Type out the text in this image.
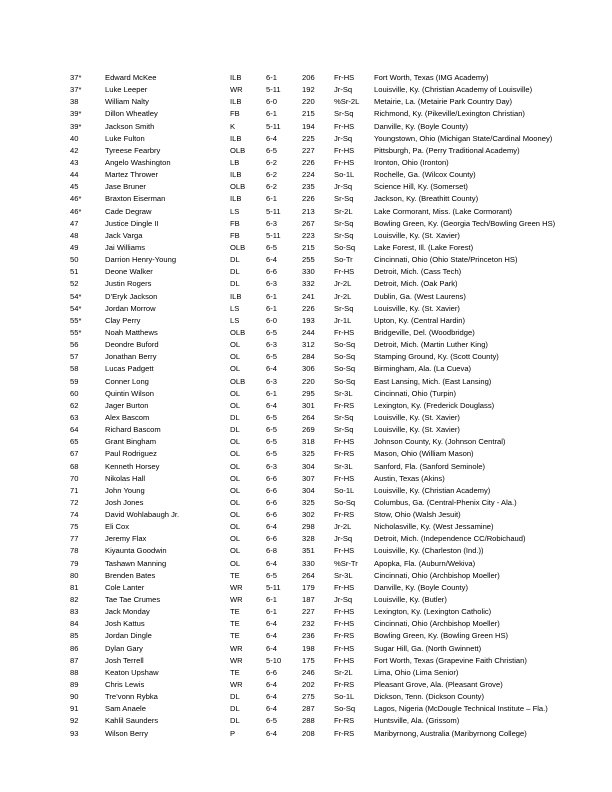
37*	Edward McKee	ILB	6-1	206	Fr-HS	Fort Worth, Texas (IMG Academy)
37*	Luke Leeper	WR	5-11	192	Jr-Sq	Louisville, Ky. (Christian Academy of Louisville)
38	William Nalty	ILB	6-0	220	%Sr-2L Metairie, La. (Metairie Park Country Day)
39*	Dillon Wheatley	FB	6-1	215	Sr-Sq	Richmond, Ky. (Pikeville/Lexington Christian)
39*	Jackson Smith	K	5-11	194	Fr-HS	Danville, Ky. (Boyle County)
40	Luke Fulton	ILB	6-4	225	Jr-Sq	Youngstown, Ohio (Michigan State/Cardinal Mooney)
42	Tyreese Fearbry	OLB	6-5	227	Fr-HS	Pittsburgh, Pa. (Perry Traditional Academy)
43	Angelo Washington	LB	6-2	226	Fr-HS	Ironton, Ohio (Ironton)
44	Martez Thrower	ILB	6-2	224	So-1L	Rochelle, Ga. (Wilcox County)
45	Jase Bruner	OLB	6-2	235	Jr-Sq	Science Hill, Ky. (Somerset)
46*	Braxton Eiserman	ILB	6-1	226	Sr-Sq	Jackson, Ky. (Breathitt County)
46*	Cade Degraw	LS	5-11	213	Sr-2L	Lake Cormorant, Miss. (Lake Cormorant)
47	Justice Dingle II	FB	6-3	267	Sr-Sq	Bowling Green, Ky. (Georgia Tech/Bowling Green HS)
48	Jack Varga	FB	5-11	223	Sr-Sq	Louisville, Ky. (St. Xavier)
49	Jai Williams	OLB	6-5	215	So-Sq Lake Forest, Ill. (Lake Forest)
50	Darrion Henry-Young	DL	6-4	255	So-Tr	Cincinnati, Ohio (Ohio State/Princeton HS)
51	Deone Walker	DL	6-6	330	Fr-HS	Detroit, Mich. (Cass Tech)
52	Justin Rogers	DL	6-3	332	Jr-2L	Detroit, Mich. (Oak Park)
54*	D’Eryk Jackson	ILB	6-1	241	Jr-2L	Dublin, Ga. (West Laurens)
54*	Jordan Morrow	LS	6-1	226	Sr-Sq	Louisville, Ky. (St. Xavier)
55*	Clay Perry	LS	6-0	193	Jr-1L	Upton, Ky. (Central Hardin)
55*	Noah Matthews	OLB	6-5	244	Fr-HS	Bridgeville, Del. (Woodbridge)
56	Deondre Buford	OL	6-3	312	So-Sq Detroit, Mich. (Martin Luther King)
57	Jonathan Berry	OL	6-5	284	So-Sq Stamping Ground, Ky. (Scott County)
58	Lucas Padgett	OL	6-4	306	So-Sq Birmingham, Ala. (La Cueva)
59	Conner Long	OLB	6-3	220	So-Sq East Lansing, Mich. (East Lansing)
60	Quintin Wilson	OL	6-1	295	Sr-3L	Cincinnati, Ohio (Turpin)
62	Jager Burton	OL	6-4	301	Fr-RS	Lexington, Ky. (Frederick Douglass)
63	Alex Bascom	DL	6-5	264	Sr-Sq	Louisville, Ky. (St. Xavier)
64	Richard Bascom	DL	6-5	269	Sr-Sq	Louisville, Ky. (St. Xavier)
65	Grant Bingham	OL	6-5	318	Fr-HS	Johnson County, Ky. (Johnson Central)
67	Paul Rodriguez	OL	6-5	325	Fr-RS	Mason, Ohio (William Mason)
68	Kenneth Horsey	OL	6-3	304	Sr-3L	Sanford, Fla. (Sanford Seminole)
70	Nikolas Hall	OL	6-6	307	Fr-HS	Austin, Texas (Akins)
71	John Young	OL	6-6	304	So-1L	Louisville, Ky. (Christian Academy)
72	Josh Jones	OL	6-6	325	So-Sq Columbus, Ga. (Central-Phenix City - Ala.)
74	David Wohlabaugh Jr.	OL	6-6	302	Fr-RS	Stow, Ohio (Walsh Jesuit)
75	Eli Cox	OL	6-4	298	Jr-2L	Nicholasville, Ky. (West Jessamine)
77	Jeremy Flax	OL	6-6	328	Jr-Sq	Detroit, Mich. (Independence CC/Robichaud)
78	Kiyaunta Goodwin	OL	6-8	351	Fr-HS	Louisville, Ky. (Charleston (Ind.))
79	Tashawn Manning	OL	6-4	330	%Sr-Tr Apopka, Fla. (Auburn/Wekiva)
80	Brenden Bates	TE	6-5	264	Sr-3L	Cincinnati, Ohio (Archbishop Moeller)
81	Cole Lanter	WR	5-11	179	Fr-HS	Danville, Ky. (Boyle County)
82	Tae Tae Crumes	WR	6-1	187	Jr-Sq	Louisville, Ky. (Butler)
83	Jack Monday	TE	6-1	227	Fr-HS	Lexington, Ky. (Lexington Catholic)
84	Josh Kattus	TE	6-4	232	Fr-HS	Cincinnati, Ohio (Archbishop Moeller)
85	Jordan Dingle	TE	6-4	236	Fr-RS	Bowling Green, Ky. (Bowling Green HS)
86	Dylan Gary	WR	6-4	198	Fr-HS	Sugar Hill, Ga. (North Gwinnett)
87	Josh Terrell	WR	5-10	175	Fr-HS	Fort Worth, Texas (Grapevine Faith Christian)
88	Keaton Upshaw	TE	6-6	246	Sr-2L	Lima, Ohio (Lima Senior)
89	Chris Lewis	WR	6-4	202	Fr-RS	Pleasant Grove, Ala. (Pleasant Grove)
90	Tre’vonn Rybka	DL	6-4	275	So-1L	Dickson, Tenn. (Dickson County)
91	Sam Anaele	DL	6-4	287	So-Sq Lagos, Nigeria (McDougle Technical Institute – Fla.)
92	Kahlil Saunders	DL	6-5	288	Fr-RS	Huntsville, Ala. (Grissom)
93	Wilson Berry	P	6-4	208	Fr-RS	Maribyrnong, Australia (Maribyrnong College)
